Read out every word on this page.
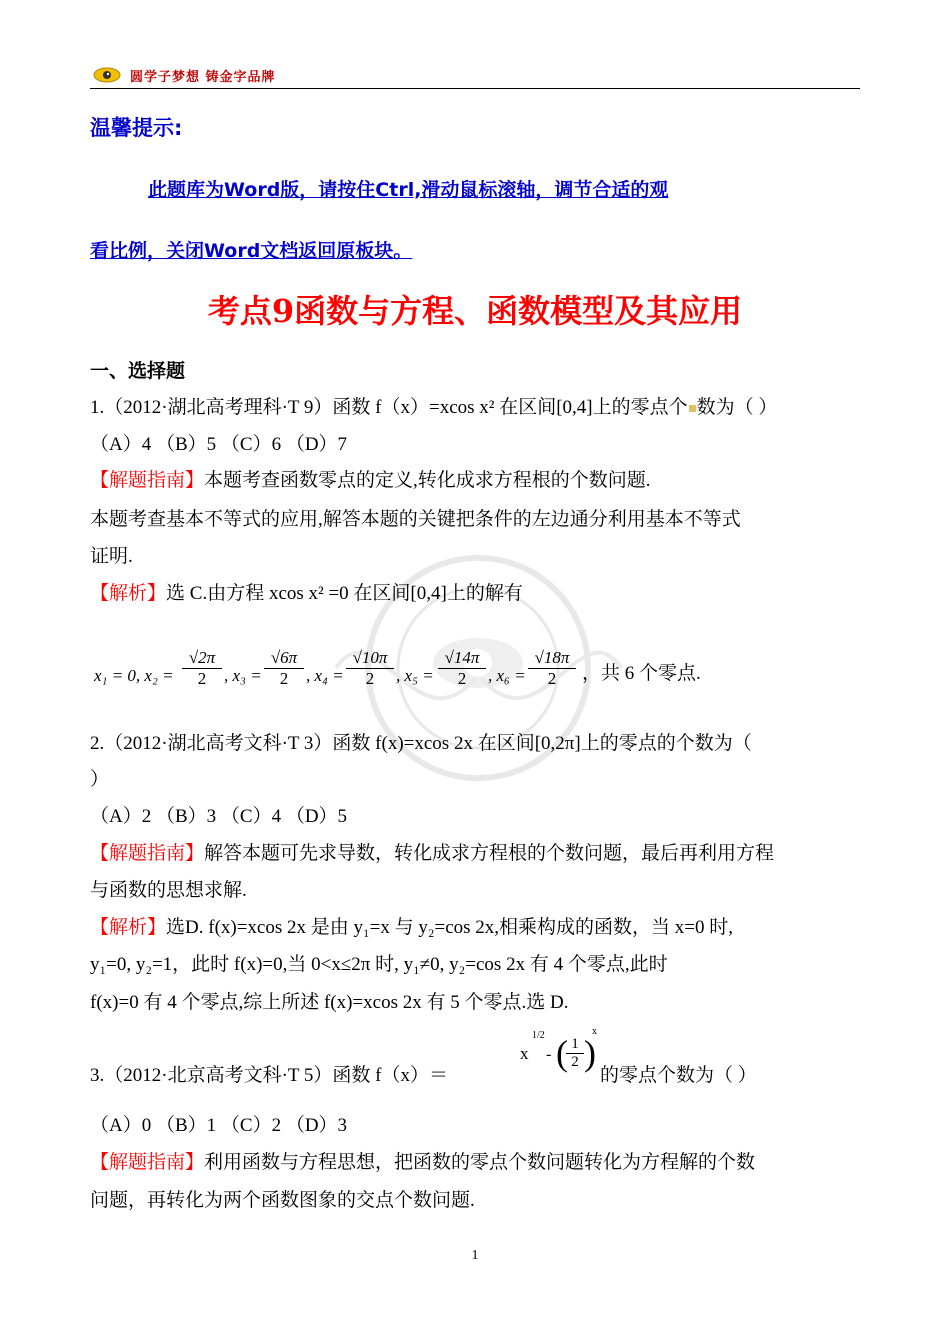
圆学子梦想 铸金字品牌
温馨提示:
此题库为Word版，请按住Ctrl,滑动鼠标滚轴，调节合适的观
看比例，关闭Word文档返回原板块。
考点9函数与方程、函数模型及其应用
一、选择题
1.（2012·湖北高考理科·T 9）函数 f（x）=xcos x² 在区间[0,4]上的零点个 数为（ ）
（A）4 （B）5 （C）6 （D）7
【解题指南】本题考查函数零点的定义,转化成求方程根的个数问题.
本题考查基本不等式的应用,解答本题的关键把条件的左边通分利用基本不等式
证明.
【解析】选 C.由方程 xcos x² =0 在区间[0,4]上的解有
x₁ = 0, $x_2 = \frac{√2\pi}{2}$ , $x_3 = \frac{√6\pi}{2}$ , $x_4 = \frac{√10\pi}{2}$ , $x_5 = \frac{√14\pi}{2}$ , $x_6 = \frac{√18\pi}{2}$ ，共 6 个零点.
2.（2012·湖北高考文科·T 3）函数 f(x)=xcos 2x 在区间[0,2π]上的零点的个数为（
）
（A）2 （B）3 （C）4 （D）5
【解题指南】解答本题可先求导数，转化成求方程根的个数问题，最后再利用方程
与函数的思想求解.
【解析】选D. f(x)=xcos 2x 是由 y₁=x 与 y₂=cos 2x,相乘构成的函数，当 x=0 时,
y₁=0, y₂=1，此时 f(x)=0,当 0<x≤2π 时, y₁≠0, y₂=cos 2x 有 4 个零点,此时
f(x)=0 有 4 个零点,综上所述 f(x)=xcos 2x 有 5 个零点.选 D.
3.（2012·北京高考文科·T 5）函数 f（x）＝
x
1/2
- (
$\frac{1}{2}$ )
x
的零点个数为（ ）
（A）0 （B）1 （C）2 （D）3
【解题指南】利用函数与方程思想，把函数的零点个数问题转化为方程解的个数
问题，再转化为两个函数图象的交点个数问题.
1
